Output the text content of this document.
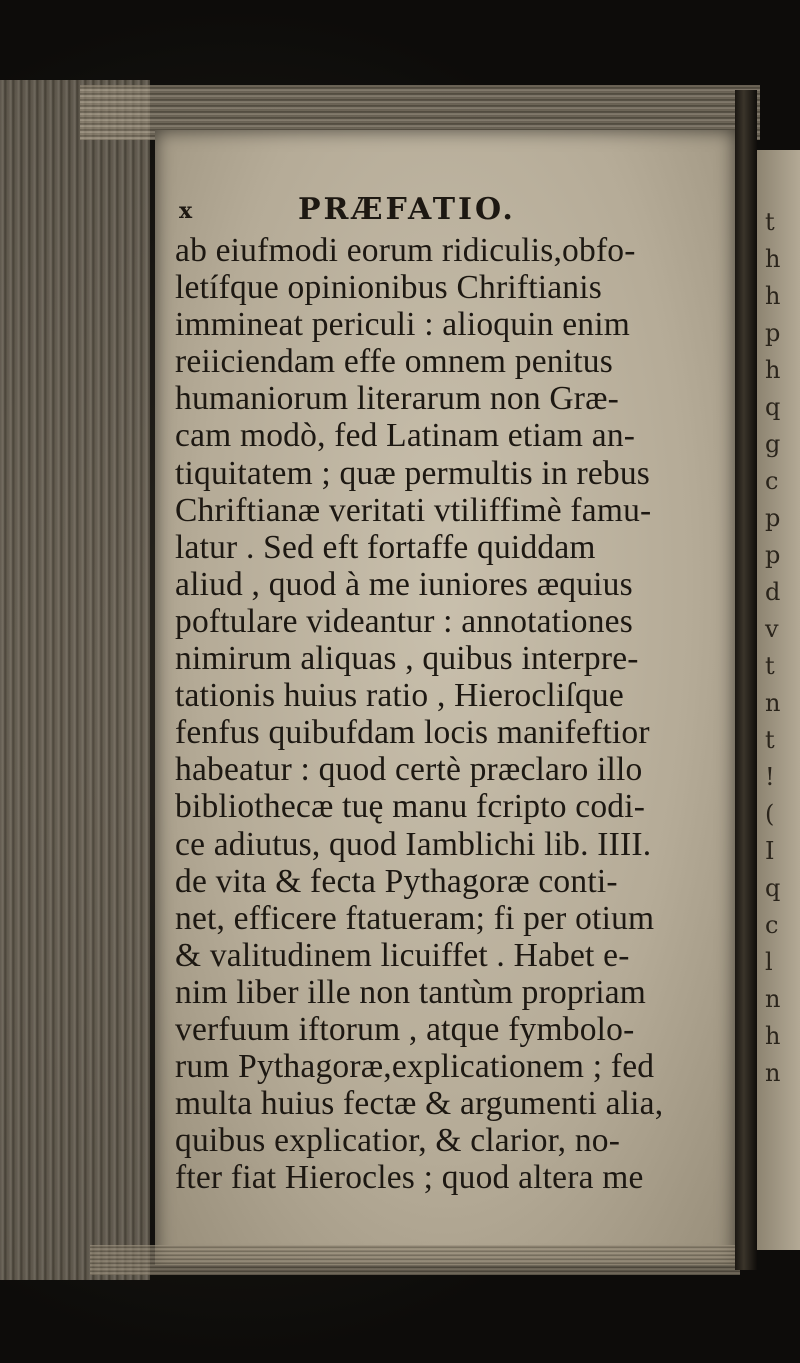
t
h
h
p
h
q
g
c
p
p
d
v
t
n
t
!
(
I
q
c
l
n
h
n
x	PRÆFATIO.
ab eiufmodi eorum ridiculis,obfo-
letífque opinionibus Chriftianis
immineat periculi : alioquin enim
reiiciendam effe omnem penitus
humaniorum literarum non Græ-
cam modò, fed Latinam etiam an-
tiquitatem ; quæ permultis in rebus
Chriftianæ veritati vtiliffimè famu-
latur . Sed eft fortaffe quiddam
aliud , quod à me iuniores æquius
poftulare videantur : annotationes
nimirum aliquas , quibus interpre-
tationis huius ratio , Hierocliſque
fenfus quibufdam locis manifeftior
habeatur : quod certè præclaro illo
bibliothecæ tuę manu fcripto codi-
ce adiutus, quod Iamblichi lib. IIII.
de vita & fecta Pythagoræ conti-
net, efficere ftatueram; fi per otium
& valitudinem licuiffet . Habet e-
nim liber ille non tantùm propriam
verfuum iftorum , atque fymbolo-
rum Pythagoræ,explicationem ; fed
multa huius fectæ & argumenti alia,
quibus explicatior, & clarior, no-
fter fiat Hierocles ; quod altera me
